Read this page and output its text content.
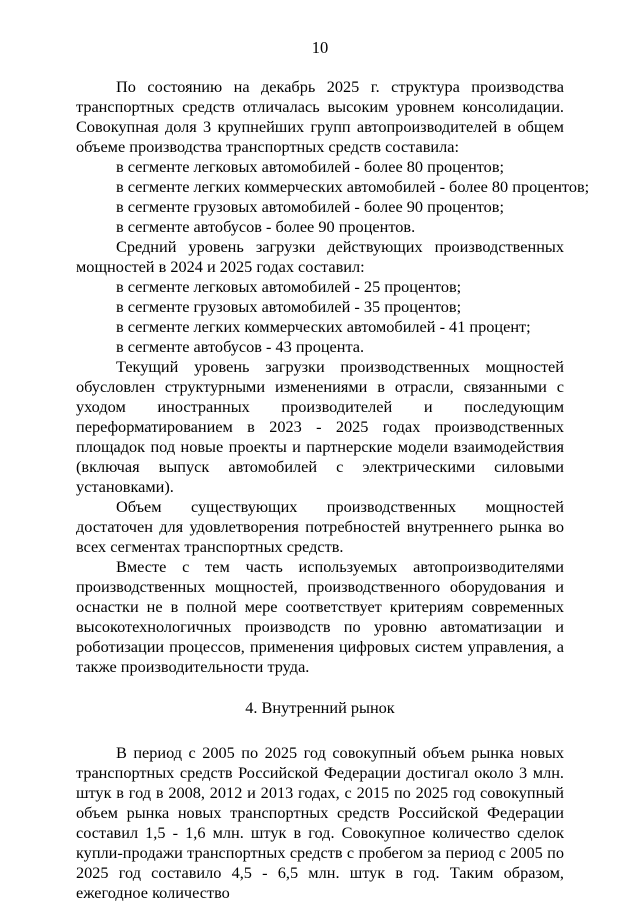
10

По состоянию на декабрь 2025 г. структура производства транспортных средств отличалась высоким уровнем консолидации. Совокупная доля 3 крупнейших групп автопроизводителей в общем объеме производства транспортных средств составила:

в сегменте легковых автомобилей - более 80 процентов;
в сегменте легких коммерческих автомобилей - более 80 процентов;
в сегменте грузовых автомобилей - более 90 процентов;
в сегменте автобусов - более 90 процентов.

Средний уровень загрузки действующих производственных мощностей в 2024 и 2025 годах составил:

в сегменте легковых автомобилей - 25 процентов;
в сегменте грузовых автомобилей - 35 процентов;
в сегменте легких коммерческих автомобилей - 41 процент;
в сегменте автобусов - 43 процента.

Текущий уровень загрузки производственных мощностей обусловлен структурными изменениями в отрасли, связанными с уходом иностранных производителей и последующим переформатированием в 2023 - 2025 годах производственных площадок под новые проекты и партнерские модели взаимодействия (включая выпуск автомобилей с электрическими силовыми установками).

Объем существующих производственных мощностей достаточен для удовлетворения потребностей внутреннего рынка во всех сегментах транспортных средств.

Вместе с тем часть используемых автопроизводителями производственных мощностей, производственного оборудования и оснастки не в полной мере соответствует критериям современных высокотехнологичных производств по уровню автоматизации и роботизации процессов, применения цифровых систем управления, а также производительности труда.

4. Внутренний рынок

В период с 2005 по 2025 год совокупный объем рынка новых транспортных средств Российской Федерации достигал около 3 млн. штук в год в 2008, 2012 и 2013 годах, с 2015 по 2025 год совокупный объем рынка новых транспортных средств Российской Федерации составил 1,5 - 1,6 млн. штук в год. Совокупное количество сделок купли-продажи транспортных средств с пробегом за период с 2005 по 2025 год составило 4,5 - 6,5 млн. штук в год. Таким образом, ежегодное количество
